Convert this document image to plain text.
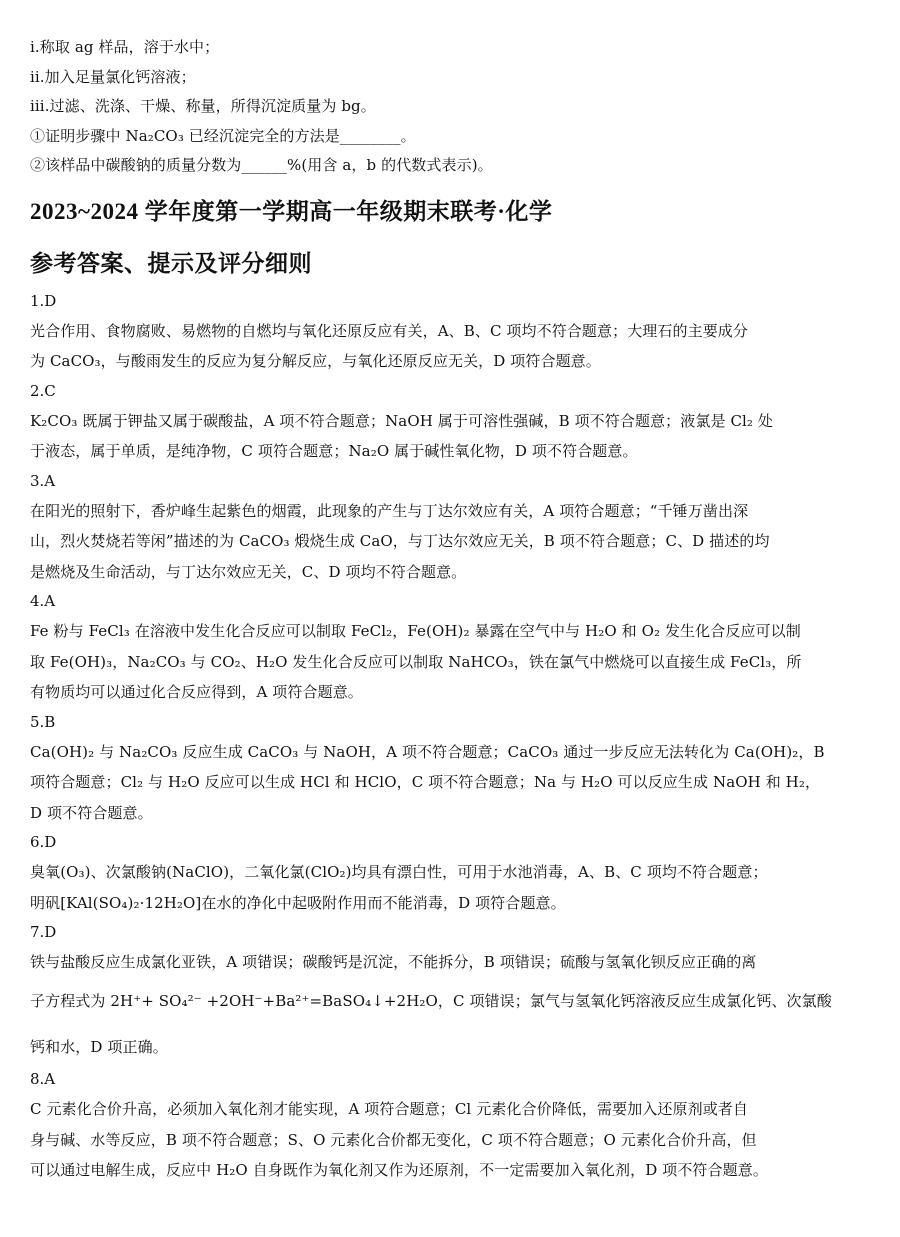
i.称取 ag 样品，溶于水中；
ii.加入足量氯化钙溶液；
iii.过滤、洗涤、干燥、称量，所得沉淀质量为 bg。
①证明步骤中 Na₂CO₃ 已经沉淀完全的方法是________。
②该样品中碳酸钠的质量分数为______%(用含 a，b 的代数式表示)。
2023~2024 学年度第一学期高一年级期末联考·化学
参考答案、提示及评分细则
1.D
光合作用、食物腐败、易燃物的自燃均与氧化还原反应有关，A、B、C 项均不符合题意；大理石的主要成分
为 CaCO₃，与酸雨发生的反应为复分解反应，与氧化还原反应无关，D 项符合题意。
2.C
K₂CO₃ 既属于钾盐又属于碳酸盐，A 项不符合题意；NaOH 属于可溶性强碱，B 项不符合题意；液氯是 Cl₂ 处
于液态，属于单质，是纯净物，C 项符合题意；Na₂O 属于碱性氧化物，D 项不符合题意。
3.A
在阳光的照射下，香炉峰生起紫色的烟霞，此现象的产生与丁达尔效应有关，A 项符合题意；“千锤万凿出深
山，烈火焚烧若等闲”描述的为 CaCO₃ 煅烧生成 CaO，与丁达尔效应无关，B 项不符合题意；C、D 描述的均
是燃烧及生命活动，与丁达尔效应无关，C、D 项均不符合题意。
4.A
Fe 粉与 FeCl₃ 在溶液中发生化合反应可以制取 FeCl₂，Fe(OH)₂ 暴露在空气中与 H₂O 和 O₂ 发生化合反应可以制
取 Fe(OH)₃，Na₂CO₃ 与 CO₂、H₂O 发生化合反应可以制取 NaHCO₃，铁在氯气中燃烧可以直接生成 FeCl₃，所
有物质均可以通过化合反应得到，A 项符合题意。
5.B
Ca(OH)₂ 与 Na₂CO₃ 反应生成 CaCO₃ 与 NaOH，A 项不符合题意；CaCO₃ 通过一步反应无法转化为 Ca(OH)₂，B
项符合题意；Cl₂ 与 H₂O 反应可以生成 HCl 和 HClO，C 项不符合题意；Na 与 H₂O 可以反应生成 NaOH 和 H₂，
D 项不符合题意。
6.D
臭氧(O₃)、次氯酸钠(NaClO)，二氧化氯(ClO₂)均具有漂白性，可用于水池消毒，A、B、C 项均不符合题意；
明矾[KAl(SO₄)₂·12H₂O]在水的净化中起吸附作用而不能消毒，D 项符合题意。
7.D
铁与盐酸反应生成氯化亚铁，A 项错误；碳酸钙是沉淀，不能拆分，B 项错误；硫酸与氢氧化钡反应正确的离
子方程式为 2H⁺+ SO₄²⁻ +2OH⁻+Ba²⁺=BaSO₄↓+2H₂O，C 项错误；氯气与氢氧化钙溶液反应生成氯化钙、次氯酸
钙和水，D 项正确。
8.A
C 元素化合价升高，必须加入氧化剂才能实现，A 项符合题意；Cl 元素化合价降低，需要加入还原剂或者自
身与碱、水等反应，B 项不符合题意；S、O 元素化合价都无变化，C 项不符合题意；O 元素化合价升高，但
可以通过电解生成，反应中 H₂O 自身既作为氧化剂又作为还原剂，不一定需要加入氧化剂，D 项不符合题意。
